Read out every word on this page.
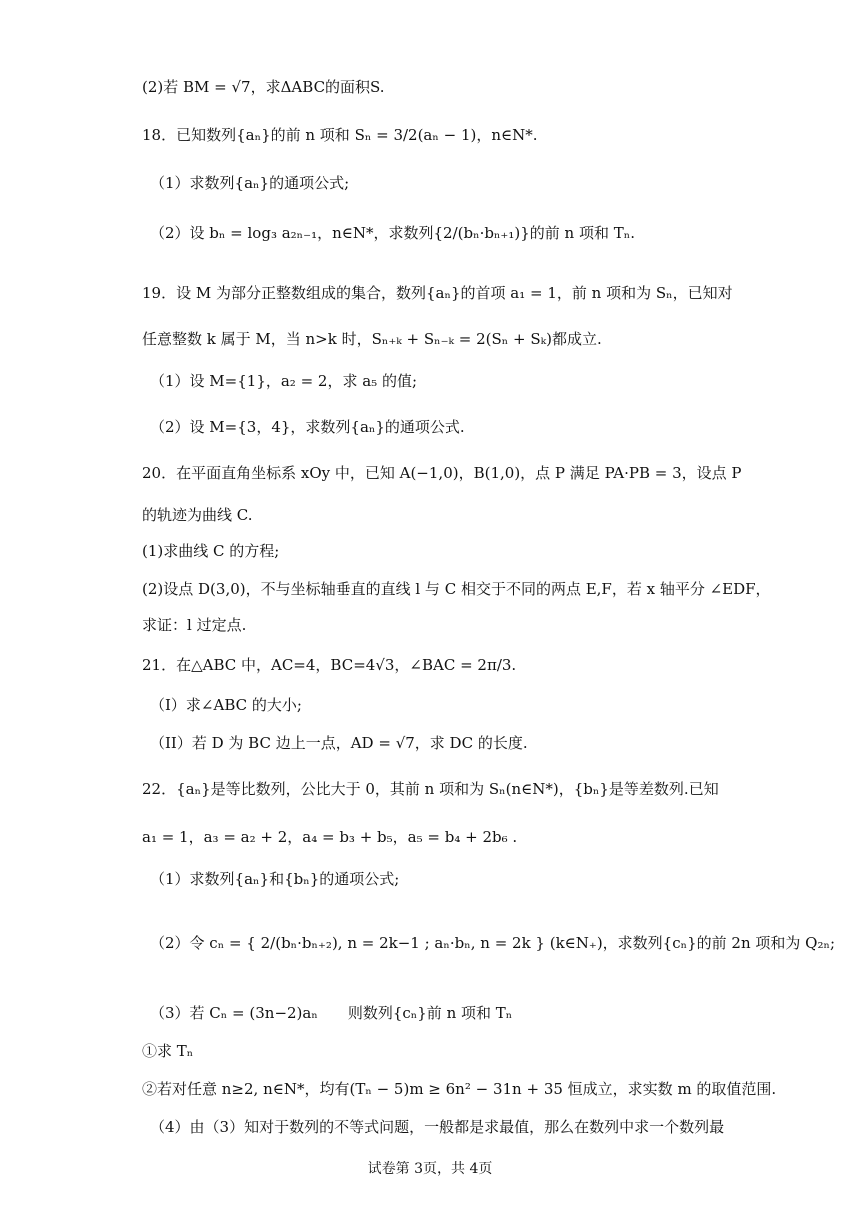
(2)若 BM = √7，求ΔABC的面积S.
18．已知数列{aₙ}的前 n 项和 Sₙ = 3/2(aₙ − 1)，n∈N*.
（1）求数列{aₙ}的通项公式;
（2）设 bₙ = log₃ a₂ₙ₋₁，n∈N*，求数列{2/(bₙ·bₙ₊₁)}的前 n 项和 Tₙ.
19．设 M 为部分正整数组成的集合，数列{aₙ}的首项 a₁ = 1，前 n 项和为 Sₙ，已知对
任意整数 k 属于 M，当 n>k 时，Sₙ₊ₖ + Sₙ₋ₖ = 2(Sₙ + Sₖ)都成立.
（1）设 M={1}，a₂ = 2，求 a₅ 的值;
（2）设 M={3，4}，求数列{aₙ}的通项公式.
20．在平面直角坐标系 xOy 中，已知 A(−1,0)，B(1,0)，点 P 满足 PA·PB = 3，设点 P
的轨迹为曲线 C.
(1)求曲线 C 的方程;
(2)设点 D(3,0)，不与坐标轴垂直的直线 l 与 C 相交于不同的两点 E,F，若 x 轴平分 ∠EDF，
求证：l 过定点.
21．在△ABC 中，AC=4，BC=4√3，∠BAC = 2π/3.
（I）求∠ABC 的大小;
（II）若 D 为 BC 边上一点，AD = √7，求 DC 的长度.
22．{aₙ}是等比数列，公比大于 0，其前 n 项和为 Sₙ(n∈N*)，{bₙ}是等差数列.已知
a₁ = 1，a₃ = a₂ + 2，a₄ = b₃ + b₅，a₅ = b₄ + 2b₆ .
（1）求数列{aₙ}和{bₙ}的通项公式;
（2）令 cₙ = { 2/(bₙ·bₙ₊₂), n = 2k−1 ; aₙ·bₙ, n = 2k } (k∈N₊)，求数列{cₙ}的前 2n 项和为 Q₂ₙ;
（3）若 Cₙ = (3n−2)aₙ　　则数列{cₙ}前 n 项和 Tₙ
①求 Tₙ
②若对任意 n≥2, n∈N*，均有(Tₙ − 5)m ≥ 6n² − 31n + 35 恒成立，求实数 m 的取值范围.
（4）由（3）知对于数列的不等式问题，一般都是求最值，那么在数列中求一个数列最
试卷第 3页，共 4页
